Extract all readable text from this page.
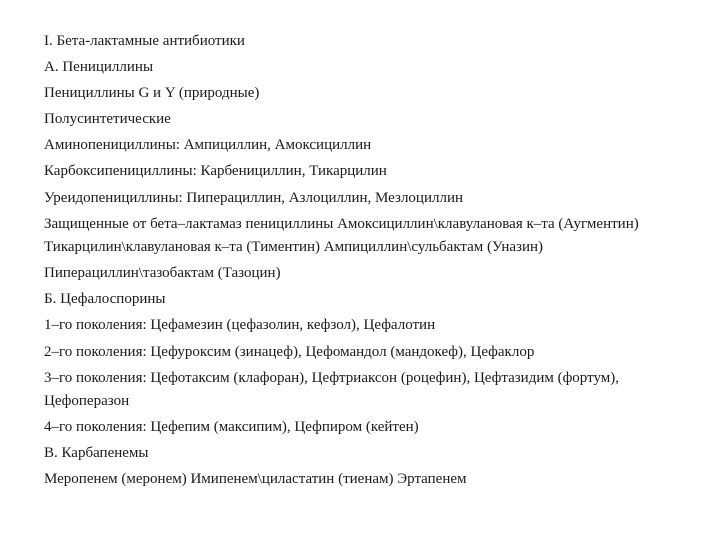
I. Бета-лактамные антибиотики
А. Пенициллины
Пенициллины G и Y (природные)
Полусинтетические
Аминопенициллины: Ампициллин, Амоксициллин
Карбоксипенициллины: Карбенициллин, Тикарцилин
Уреидопенициллины: Пиперациллин, Азлоциллин, Мезлоциллин
Защищенные от бета–лактамаз пенициллины Амоксициллин\клавулановая к–та (Аугментин) Тикарцилин\клавулановая к–та (Тиментин) Ампициллин\сульбактам (Уназин)
Пиперациллин\тазобактам (Тазоцин)
Б. Цефалоспорины
1–го поколения: Цефамезин (цефазолин, кефзол), Цефалотин
2–го поколения: Цефуроксим (зинацеф), Цефомандол (мандокеф), Цефаклор
3–го поколения: Цефотаксим (клафоран), Цефтриаксон (роцефин), Цефтазидим (фортум), Цефоперазон
4–го поколения: Цефепим (максипим), Цефпиром (кейтен)
В. Карбапенемы
Меропенем (меронем) Имипенем\циластатин (тиенам) Эртапенем
